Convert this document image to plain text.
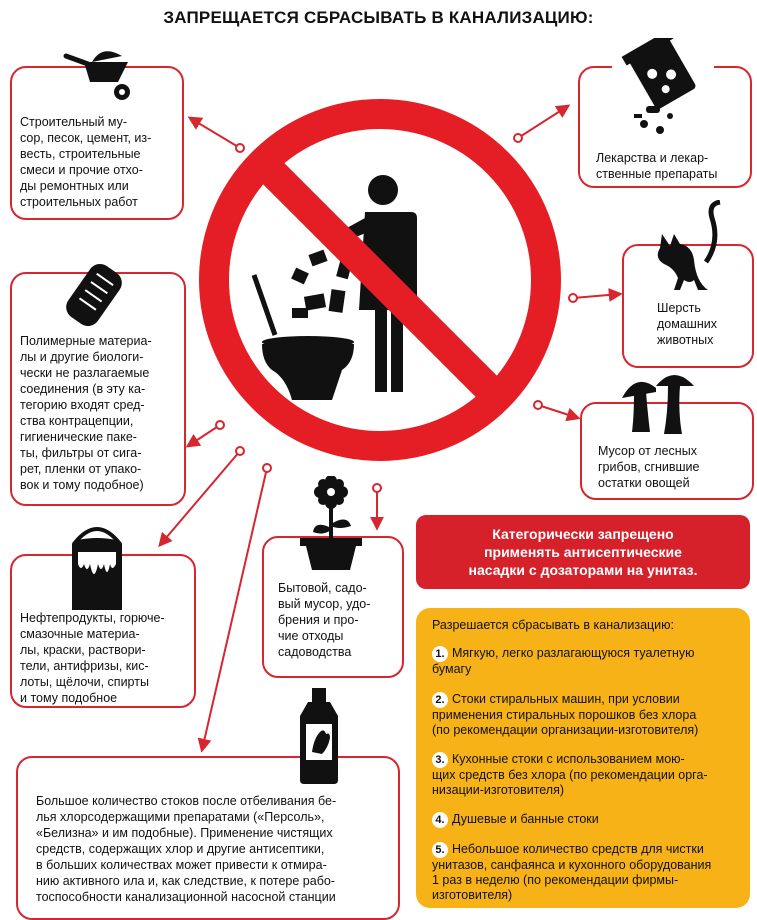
ЗАПРЕЩАЕТСЯ СБРАСЫВАТЬ В КАНАЛИЗАЦИЮ:
Строительный му-
сор, песок, цемент, из-
весть, строительные
смеси и прочие отхо-
ды ремонтных или
строительных работ
Лекарства и лекар-
ственные препараты
Шерсть
домашних
животных
Полимерные материа-
лы и другие биологи-
чески не разлагаемые
соединения (в эту ка-
тегорию входят сред-
ства контрацепции,
гигиенические паке-
ты, фильтры от сига-
рет, пленки от упако-
вок и тому подобное)
Мусор от лесных
грибов, сгнившие
остатки овощей
Бытовой, садо-
вый мусор, удо-
брения и про-
чие отходы
садоводства
Нефтепродукты, горюче-
смазочные материа-
лы, краски, раствори-
тели, антифризы, кис-
лоты, щёлочи, спирты
и тому подобное
Большое количество стоков после отбеливания бе-
лья хлорсодержащими препаратами («Персоль»,
«Белизна» и им подобные). Применение чистящих
средств, содержащих хлор и другие антисептики,
в больших количествах может привести к отмира-
нию активного ила и, как следствие, к потере рабо-
тоспособности канализационной насосной станции
Категорически запрещено
применять антисептические
насадки с дозаторами на унитаз.
Разрешается сбрасывать в канализацию:
1. Мягкую, легко разлагающуюся туалетную
бумагу
2. Стоки стиральных машин, при условии
применения стиральных порошков без хлора
(по рекомендации организации-изготовителя)
3. Кухонные стоки с использованием мою-
щих средств без хлора (по рекомендации орга-
низации-изготовителя)
4. Душевые и банные стоки
5. Небольшое количество средств для чистки
унитазов, санфаянса и кухонного оборудования
1 раз в неделю (по рекомендации фирмы-
изготовителя)
